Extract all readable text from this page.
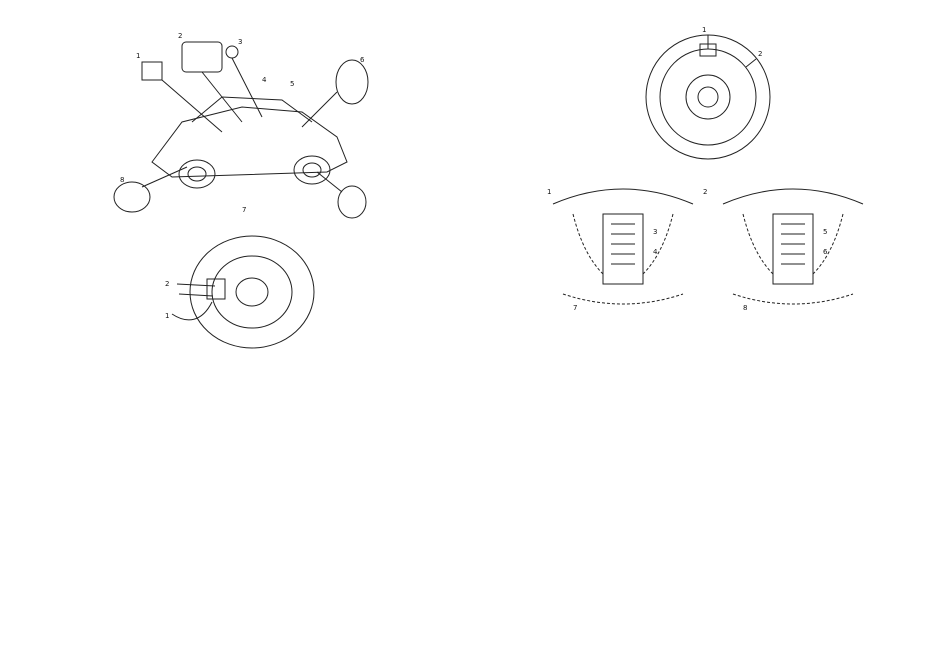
1
2
3
4	5
6
7
8

2
1

1
2
1	2
3
4
5
6
7	8
